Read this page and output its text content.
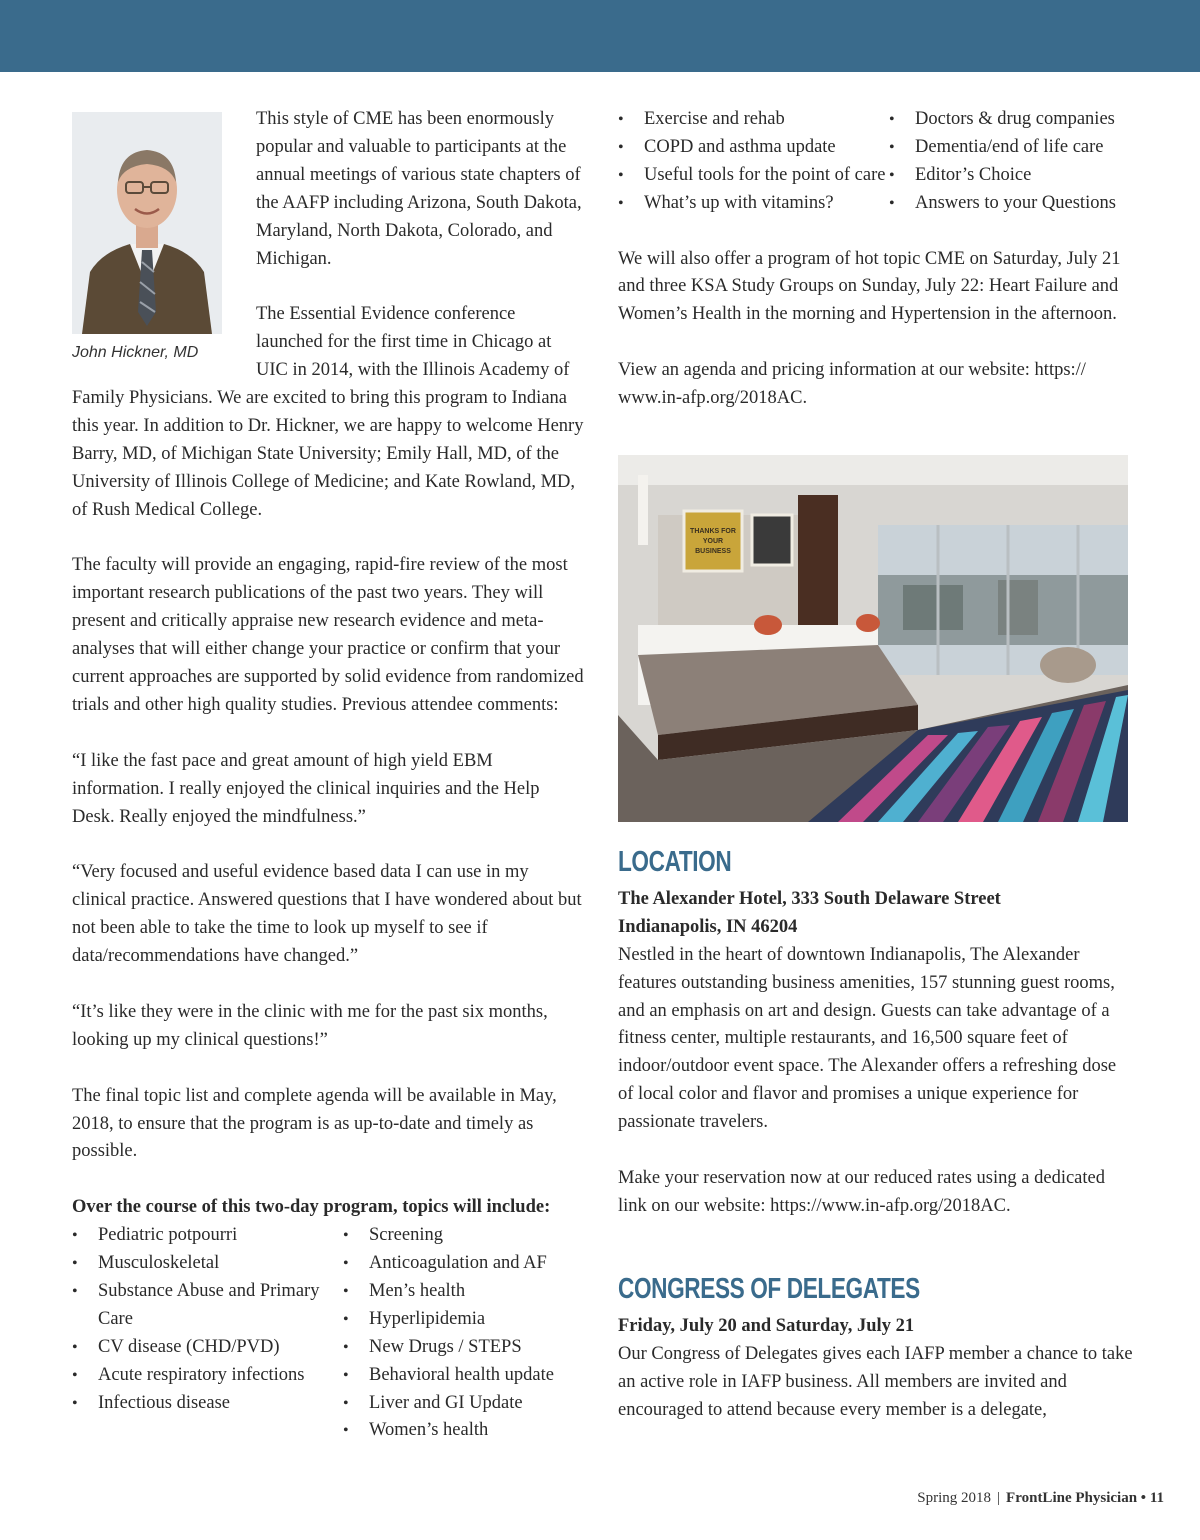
John Hickner, MD

This style of CME has been enormously popular and valuable to participants at the annual meetings of various state chapters of the AAFP including Arizona, South Dakota, Maryland, North Dakota, Colorado, and Michigan.

The Essential Evidence conference launched for the first time in Chicago at UIC in 2014, with the Illinois Academy of Family Physicians. We are excited to bring this program to Indiana this year. In addition to Dr. Hickner, we are happy to welcome Henry Barry, MD, of Michigan State University; Emily Hall, MD, of the University of Illinois College of Medicine; and Kate Rowland, MD, of Rush Medical College.

The faculty will provide an engaging, rapid-fire review of the most important research publications of the past two years. They will present and critically appraise new research evidence and meta-analyses that will either change your practice or confirm that your current approaches are supported by solid evidence from randomized trials and other high quality studies. Previous attendee comments:

“I like the fast pace and great amount of high yield EBM information. I really enjoyed the clinical inquiries and the Help Desk. Really enjoyed the mindfulness.”

“Very focused and useful evidence based data I can use in my clinical practice. Answered questions that I have wondered about but not been able to take the time to look up myself to see if data/recommendations have changed.”

“It’s like they were in the clinic with me for the past six months, looking up my clinical questions!”

The final topic list and complete agenda will be available in May, 2018, to ensure that the program is as up-to-date and timely as possible.

Over the course of this two-day program, topics will include:

• Pediatric potpourri
• Musculoskeletal
• Substance Abuse and Primary Care
• CV disease (CHD/PVD)
• Acute respiratory infections
• Infectious disease
• Screening
• Anticoagulation and AF
• Men’s health
• Hyperlipidemia
• New Drugs / STEPS
• Behavioral health update
• Liver and GI Update
• Women’s health
• Exercise and rehab
• COPD and asthma update
• Useful tools for the point of care
• What’s up with vitamins?
• Doctors & drug companies
• Dementia/end of life care
• Editor’s Choice
• Answers to your Questions

We will also offer a program of hot topic CME on Saturday, July 21 and three KSA Study Groups on Sunday, July 22: Heart Failure and Women’s Health in the morning and Hypertension in the afternoon.

View an agenda and pricing information at our website: https:// www.in-afp.org/2018AC.

THANKS FOR
YOUR
BUSINESS
LOCATION

The Alexander Hotel, 333 South Delaware Street

Indianapolis, IN 46204

Nestled in the heart of downtown Indianapolis, The Alexander features outstanding business amenities, 157 stunning guest rooms, and an emphasis on art and design. Guests can take advantage of a fitness center, multiple restaurants, and 16,500 square feet of indoor/outdoor event space. The Alexander offers a refreshing dose of local color and flavor and promises a unique experience for passionate travelers.

Make your reservation now at our reduced rates using a dedicated link on our website: https://www.in-afp.org/2018AC.

CONGRESS OF DELEGATES

Friday, July 20 and Saturday, July 21

Our Congress of Delegates gives each IAFP member a chance to take an active role in IAFP business. All members are invited and encouraged to attend because every member is a delegate,

Spring 2018 | FrontLine Physician • 11
